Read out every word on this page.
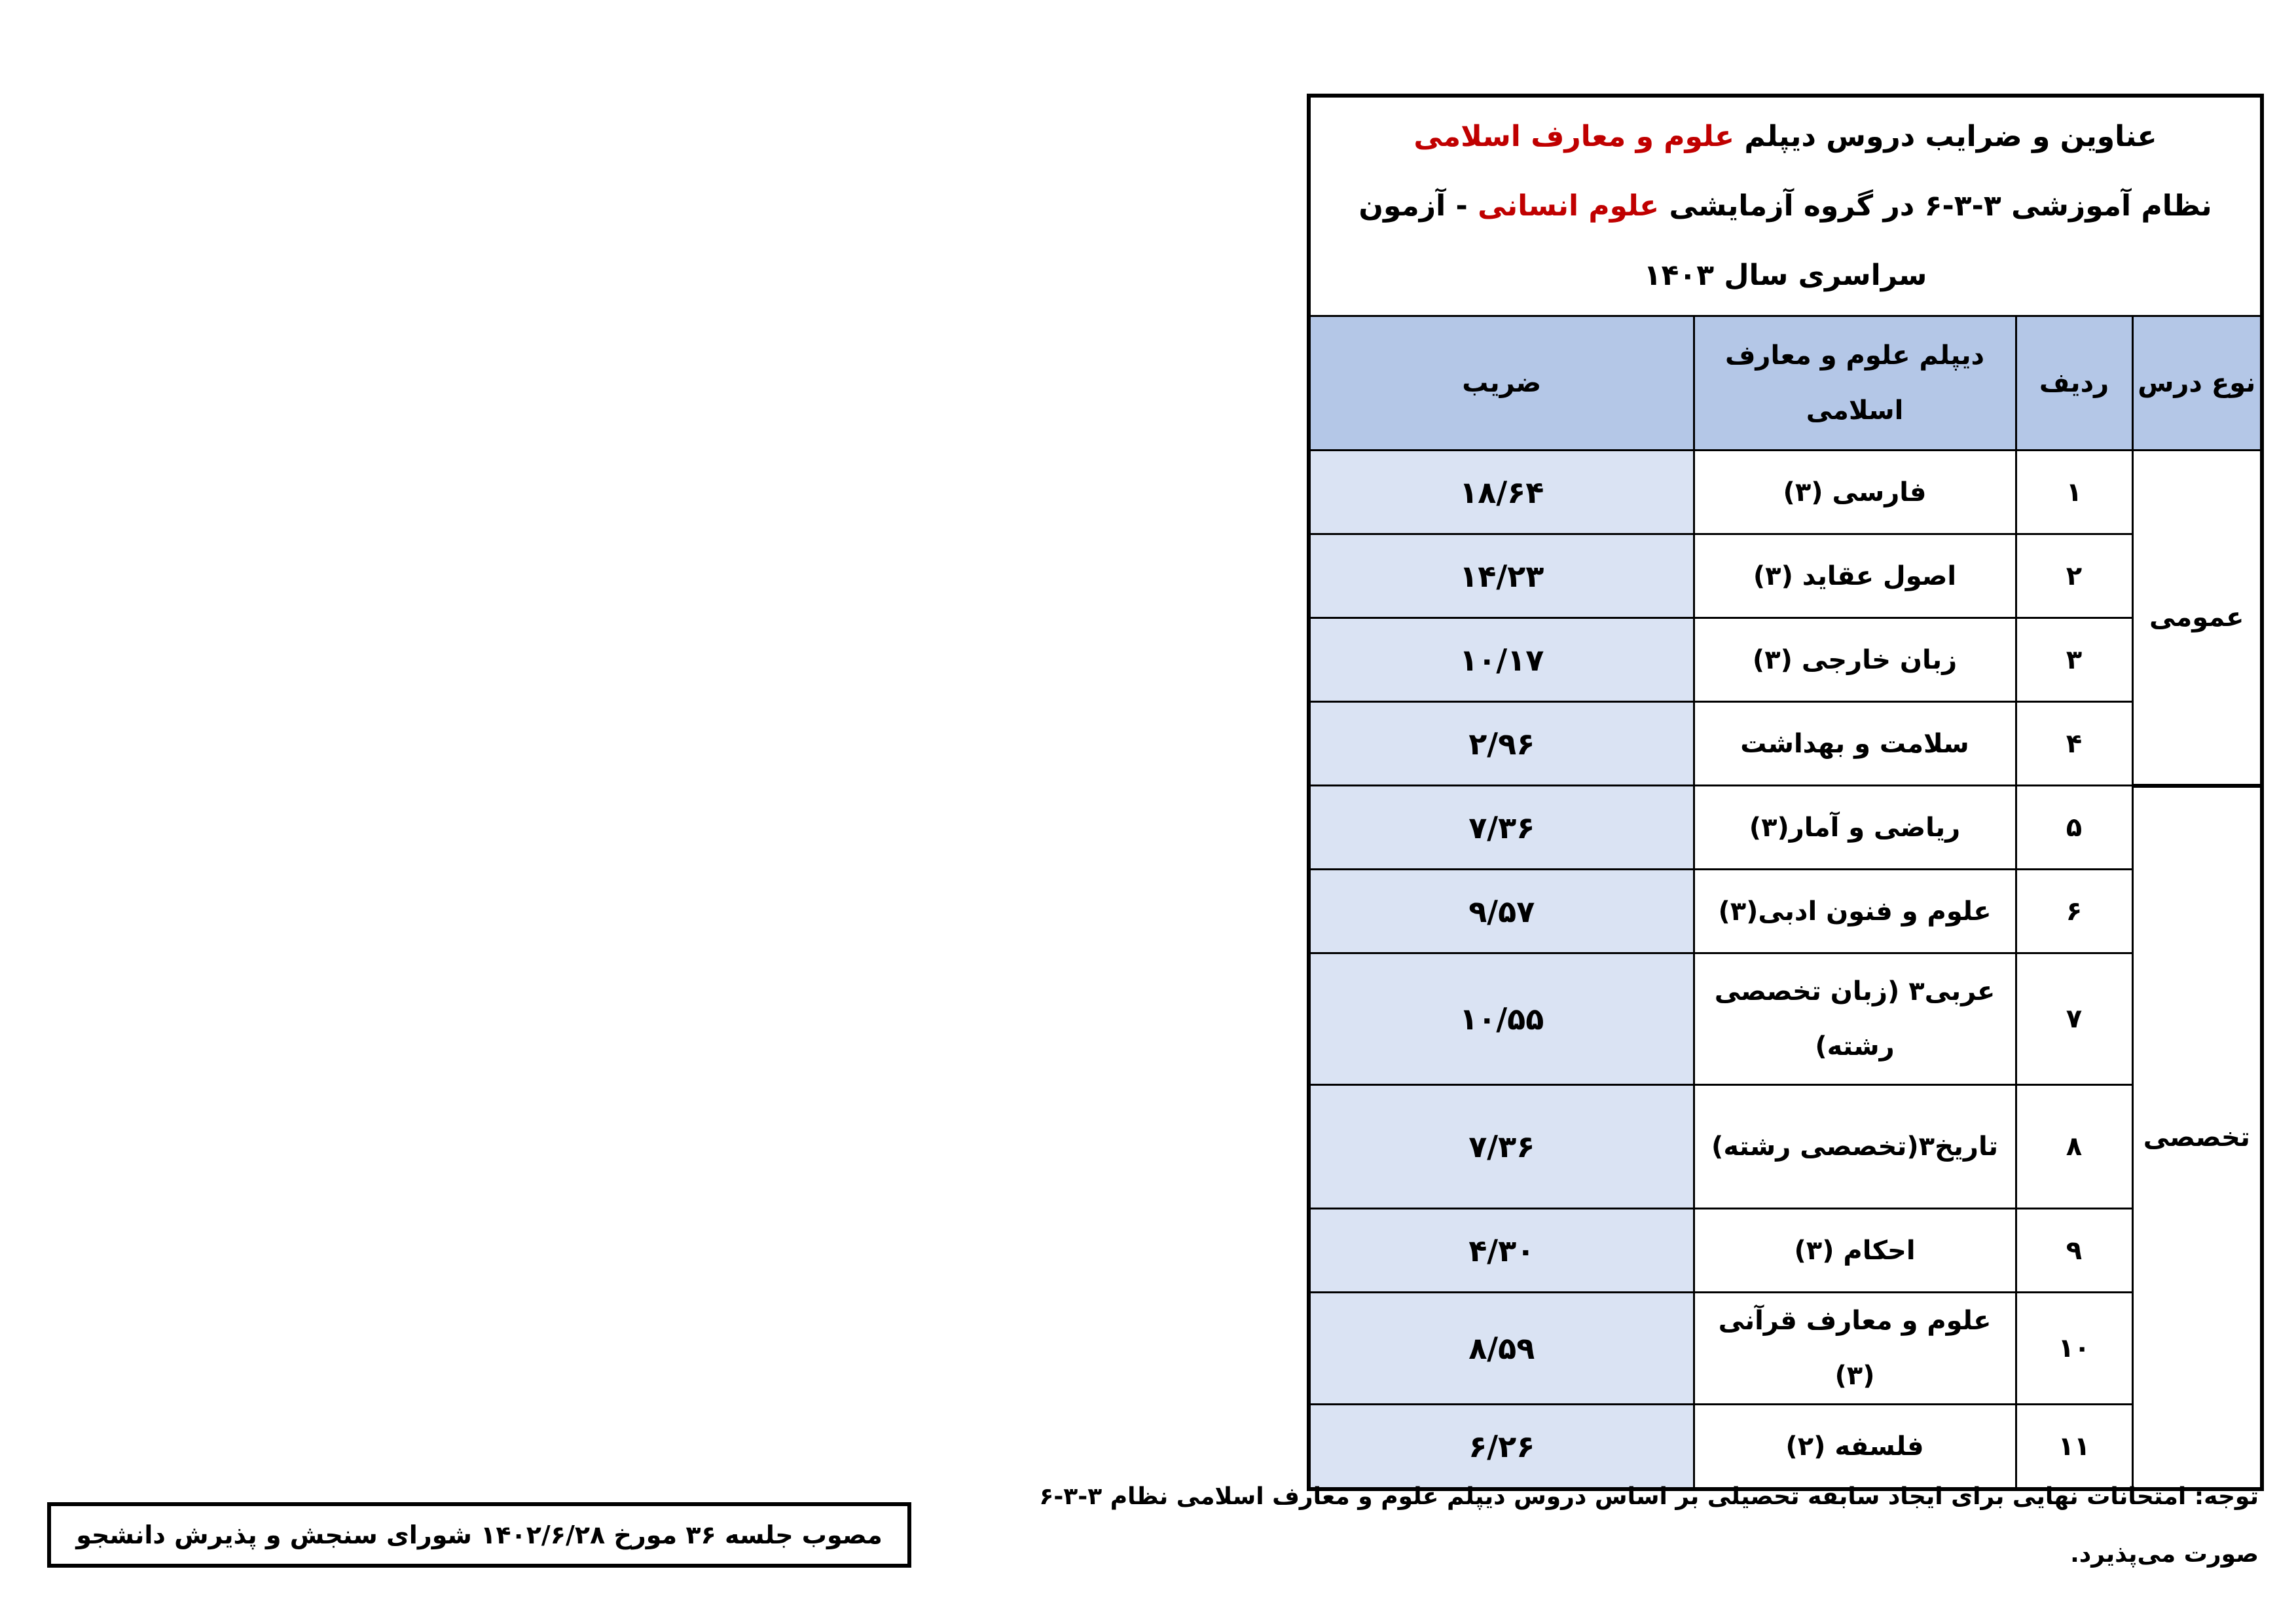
عناوین و ضرایب دروس دیپلم علوم و معارف اسلامی
نظام آموزشی ۳-۳-۶ در گروه آزمایشی علوم انسانی - آزمون
سراسری سال ۱۴۰۳			

نوع درس	ردیف	دیپلم علوم و معارف اسلامی	ضریب
عمومی	۱	فارسی (۳)	۱۸/۶۴
	۲	اصول عقاید (۳)	۱۴/۲۳
	۳	زبان خارجی (۳)	۱۰/۱۷
	۴	سلامت و بهداشت	۲/۹۶
تخصصی	۵	ریاضی و آمار(۳)	۷/۳۶
	۶	علوم و فنون ادبی(۳)	۹/۵۷
	۷	عربی۳ (زبان تخصصی رشته)	۱۰/۵۵
	۸	تاریخ۳(تخصصی رشته)	۷/۳۶
	۹	احکام (۳)	۴/۳۰
	۱۰	علوم و معارف قرآنی (۳)	۸/۵۹
	۱۱	فلسفه (۲)	۶/۲۶
توجه: امتحانات نهایی برای ایجاد سابقه تحصیلی بر اساس دروس دیپلم علوم و معارف اسلامی نظام ۳-۳-۶ صورت می‌پذیرد.
مصوب جلسه ۳۶ مورخ ۱۴۰۲/۶/۲۸ شورای سنجش و پذیرش دانشجو
